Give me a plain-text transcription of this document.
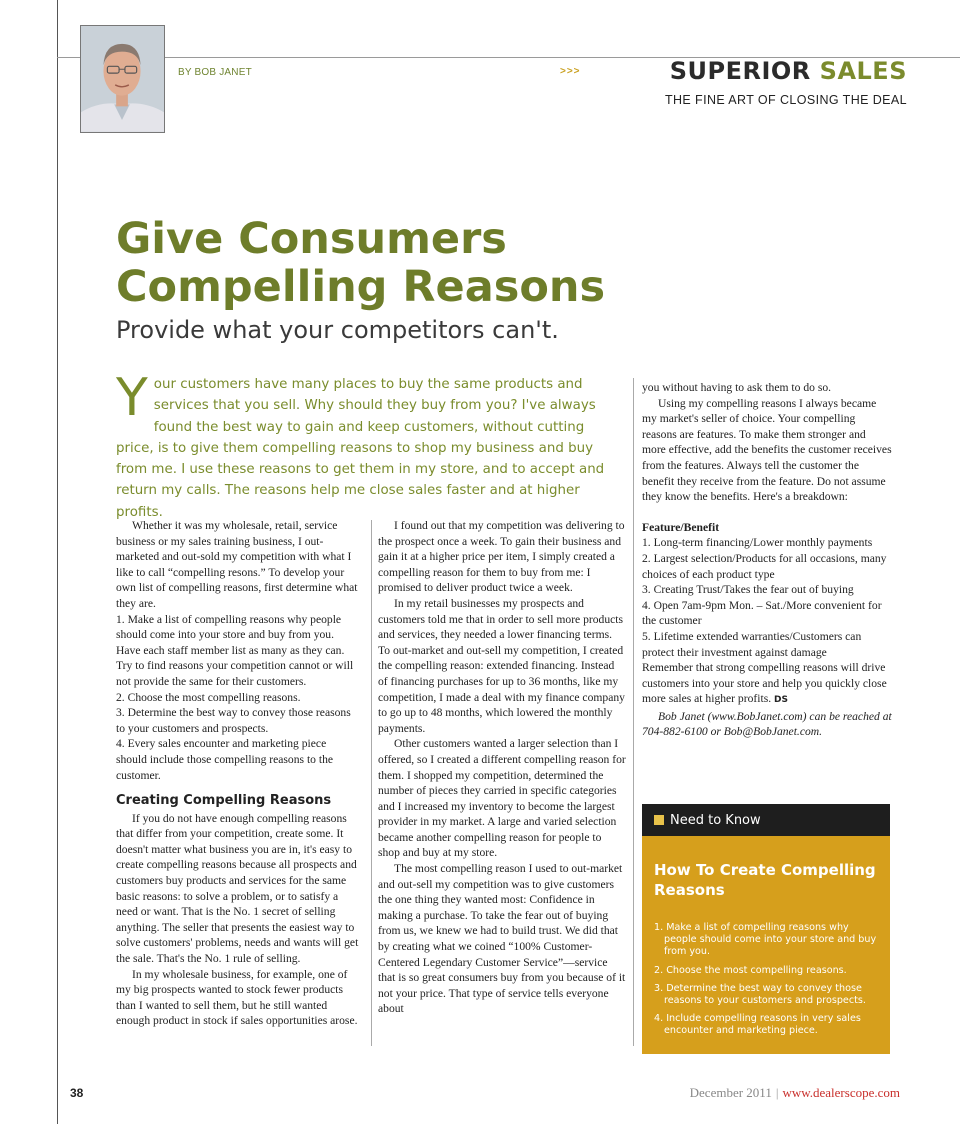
BY BOB JANET	>>>	SUPERIOR SALES
THE FINE ART OF CLOSING THE DEAL
Give Consumers
Compelling Reasons
Provide what your competitors can't.
Your customers have many places to buy the same products and services that you sell. Why should they buy from you? I've always found the best way to gain and keep customers, without cutting price, is to give them compelling reasons to shop my business and buy from me. I use these reasons to get them in my store, and to accept and return my calls. The reasons help me close sales faster and at higher profits.

Whether it was my wholesale, retail, service business or my sales training business, I out-marketed and out-sold my competition with what I like to call “compelling resons.” To develop your own list of compelling reasons, first determine what they are.

1. Make a list of compelling reasons why people should come into your store and buy from you. Have each staff member list as many as they can. Try to find reasons your competition cannot or will not provide the same for their customers.

2. Choose the most compelling reasons.

3. Determine the best way to convey those reasons to your customers and prospects.

4. Every sales encounter and marketing piece should include those compelling reasons to the customer.

Creating Compelling Reasons

If you do not have enough compelling reasons that differ from your competition, create some. It doesn't matter what business you are in, it's easy to create compelling reasons because all prospects and customers buy products and services for the same basic reasons: to solve a problem, or to satisfy a need or want. That is the No. 1 secret of selling anything. The seller that presents the easiest way to solve customers' problems, needs and wants will get the sale. That's the No. 1 rule of selling.

In my wholesale business, for example, one of my big prospects wanted to stock fewer products than I wanted to sell them, but he still wanted enough product in stock if sales opportunities arose.

I found out that my competition was delivering to the prospect once a week. To gain their business and gain it at a higher price per item, I simply created a compelling reason for them to buy from me: I promised to deliver product twice a week.

In my retail businesses my prospects and customers told me that in order to sell more products and services, they needed a lower financing terms. To out-market and out-sell my competition, I created the compelling reason: extended financing. Instead of financing purchases for up to 36 months, like my competition, I made a deal with my finance company to go up to 48 months, which lowered the monthly payments.

Other customers wanted a larger selection than I offered, so I created a different compelling reason for them. I shopped my competition, determined the number of pieces they carried in specific categories and I increased my inventory to become the largest provider in my market. A large and varied selection became another compelling reason for people to shop and buy at my store.

The most compelling reason I used to out-market and out-sell my competition was to give customers the one thing they wanted most: Confidence in making a purchase. To take the fear out of buying from us, we knew we had to build trust. We did that by creating what we coined “100% Customer-Centered Legendary Customer Service”—service that is so great consumers buy from you because of it not your price. That type of service tells everyone about

you without having to ask them to do so.

Using my compelling reasons I always became my market's seller of choice. Your compelling reasons are features. To make them stronger and more effective, add the benefits the customer receives from the features. Always tell the customer the benefit they receive from the feature. Do not assume they know the benefits. Here's a breakdown:

Feature/Benefit

1. Long-term financing/Lower monthly payments

2. Largest selection/Products for all occasions, many choices of each product type

3. Creating Trust/Takes the fear out of buying

4. Open 7am-9pm Mon. – Sat./More convenient for the customer

5. Lifetime extended warranties/Customers can protect their investment against damage

Remember that strong compelling reasons will drive customers into your store and help you quickly close more sales at higher profits. DS

Bob Janet (www.BobJanet.com) can be reached at 704-882-6100 or Bob@BobJanet.com.

Need to Know
How To Create Compelling Reasons
1. Make a list of compelling reasons why people should come into your store and buy from you.
2. Choose the most compelling reasons.
3. Determine the best way to convey those reasons to your customers and prospects.
4. Include compelling reasons in very sales encounter and marketing piece.
38	December 2011 | www.dealerscope.com
